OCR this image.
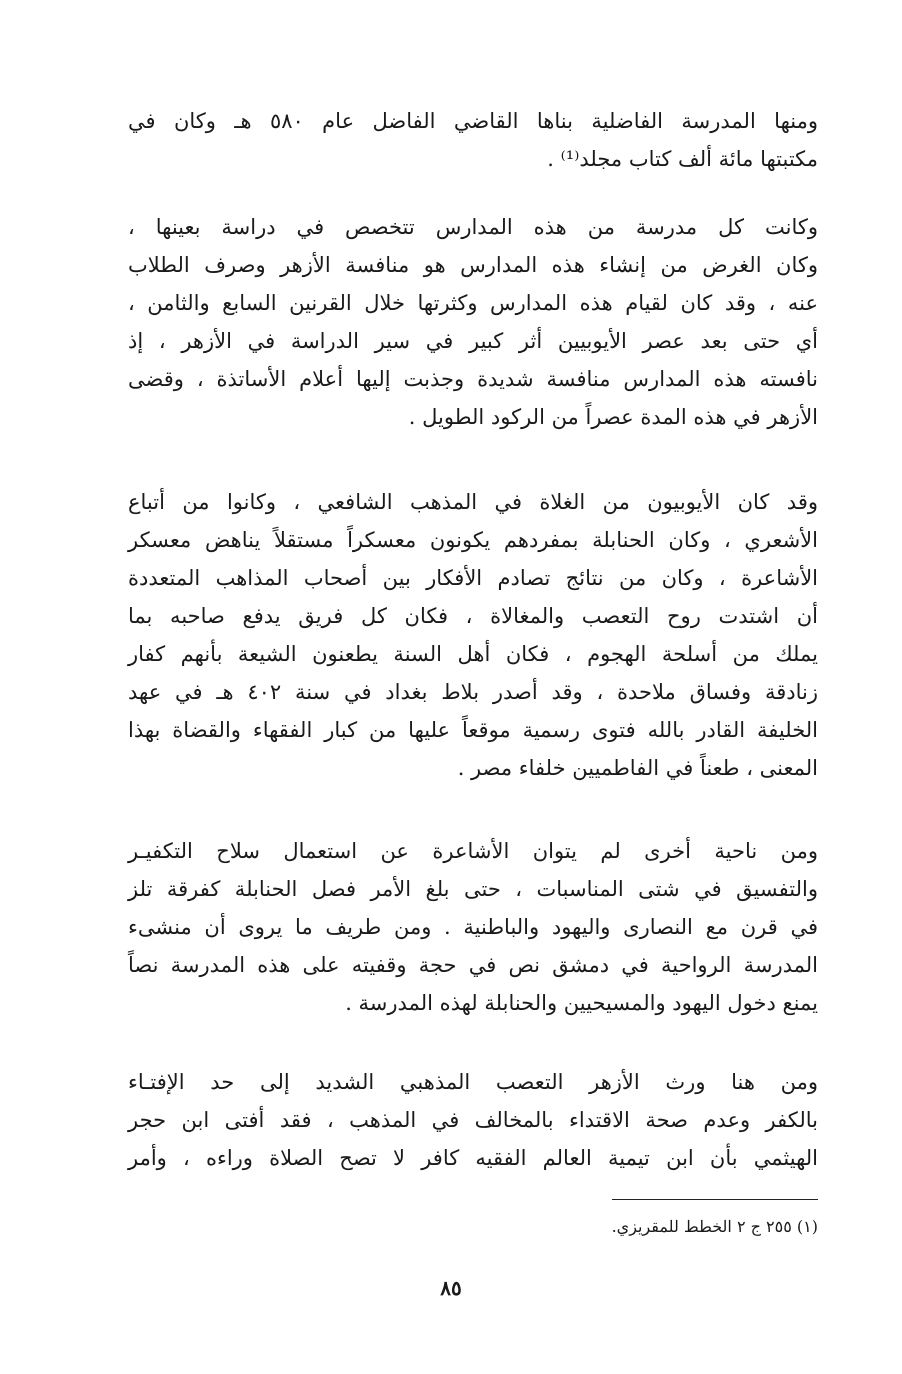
ومنها المدرسة الفاضلية بناها القاضي الفاضل عام ٥٨٠ هـ وكان في
مكتبتها مائة ألف كتاب مجلد⁽¹⁾ .
وكانت كل مدرسة من هذه المدارس تتخصص في دراسة بعينها ،
وكان الغرض من إنشاء هذه المدارس هو منافسة الأزهر وصرف الطلاب
عنه ، وقد كان لقيام هذه المدارس وكثرتها خلال القرنين السابع والثامن ،
أي حتى بعد عصر الأيوبيين أثر كبير في سير الدراسة في الأزهر ، إذ
نافسته هذه المدارس منافسة شديدة وجذبت إليها أعلام الأساتذة ، وقضى
الأزهر في هذه المدة عصراً من الركود الطويل .
وقد كان الأيوبيون من الغلاة في المذهب الشافعي ، وكانوا من أتباع
الأشعري ، وكان الحنابلة بمفردهم يكونون معسكراً مستقلاً يناهض معسكر
الأشاعرة ، وكان من نتائج تصادم الأفكار بين أصحاب المذاهب المتعددة
أن اشتدت روح التعصب والمغالاة ، فكان كل فريق يدفع صاحبه بما
يملك من أسلحة الهجوم ، فكان أهل السنة يطعنون الشيعة بأنهم كفار
زنادقة وفساق ملاحدة ، وقد أصدر بلاط بغداد في سنة ٤٠٢ هـ في عهد
الخليفة القادر بالله فتوى رسمية موقعاً عليها من كبار الفقهاء والقضاة بهذا
المعنى ، طعناً في الفاطميين خلفاء مصر .
ومن ناحية أخرى لم يتوان الأشاعرة عن استعمال سلاح التكفيـر
والتفسيق في شتى المناسبات ، حتى بلغ الأمر فصل الحنابلة كفرقة تلز
في قرن مع النصارى واليهود والباطنية . ومن طريف ما يروى أن منشىء
المدرسة الرواحية في دمشق نص في حجة وقفيته على هذه المدرسة نصاً
يمنع دخول اليهود والمسيحيين والحنابلة لهذه المدرسة .
ومن هنا ورث الأزهر التعصب المذهبي الشديد إلى حد الإفتـاء
بالكفر وعدم صحة الاقتداء بالمخالف في المذهب ، فقد أفتى ابن حجر
الهيثمي بأن ابن تيمية العالم الفقيه كافر لا تصح الصلاة وراءه ، وأمر
(١) ٢٥٥ ج ٢ الخطط للمقريزي.
٨٥
